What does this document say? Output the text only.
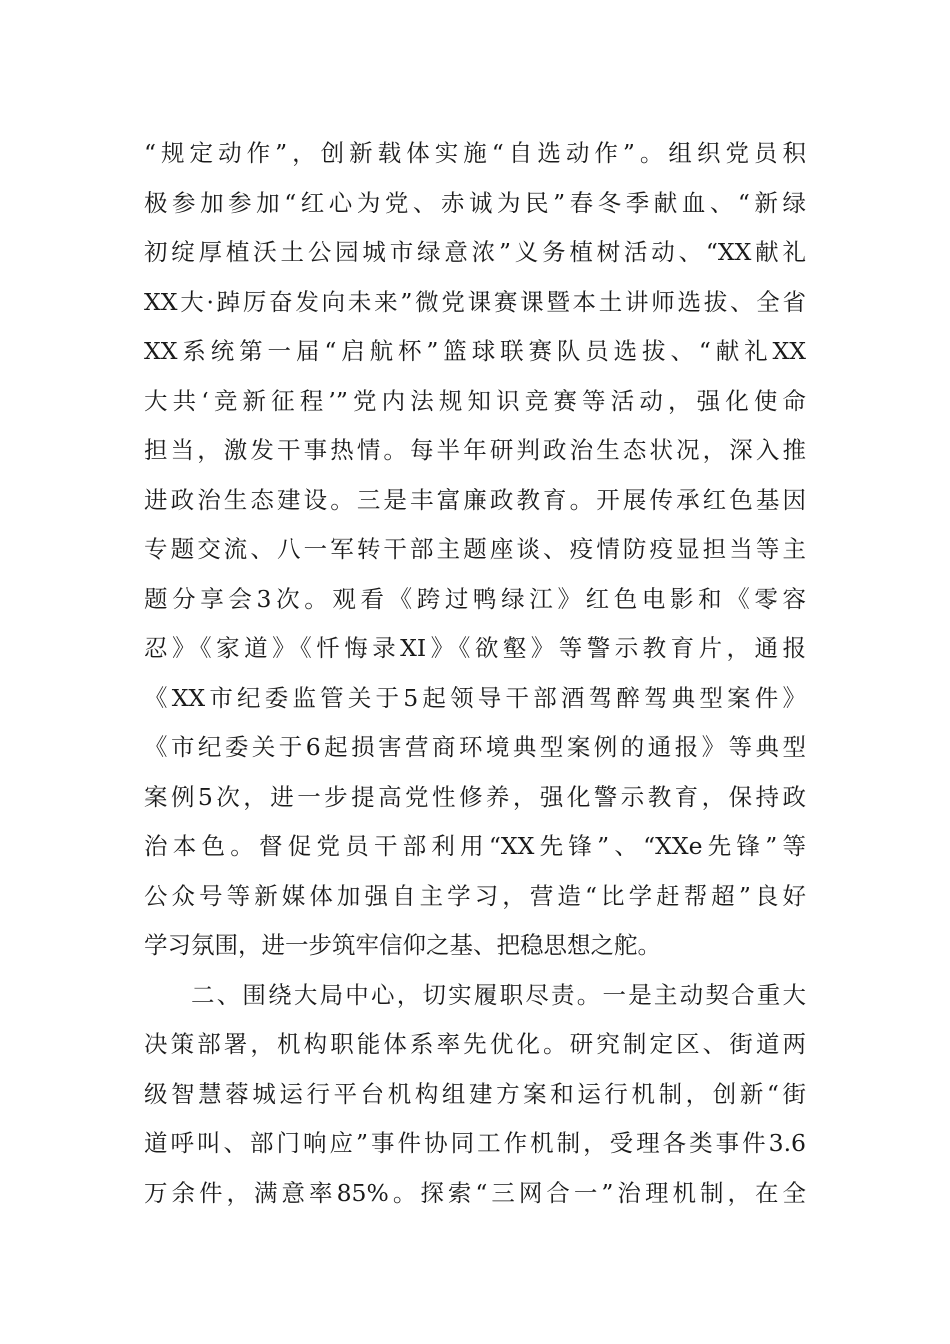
“规定动作”，创新载体实施“自选动作”。组织党员积
极参加参加“红心为党、赤诚为民”春冬季献血、“新绿
初绽厚植沃土公园城市绿意浓”义务植树活动、“XX献礼
XX大·踔厉奋发向未来”微党课赛课暨本土讲师选拔、全省
XX系统第一届“启航杯”篮球联赛队员选拔、“献礼XX
大共‘竞新征程’”党内法规知识竞赛等活动，强化使命
担当，激发干事热情。每半年研判政治生态状况，深入推
进政治生态建设。三是丰富廉政教育。开展传承红色基因
专题交流、八一军转干部主题座谈、疫情防疫显担当等主
题分享会3次。观看《跨过鸭绿江》红色电影和《零容
忍》《家道》《忏悔录XI》《欲壑》等警示教育片，通报
《XX市纪委监管关于5起领导干部酒驾醉驾典型案件》
《市纪委关于6起损害营商环境典型案例的通报》等典型
案例5次，进一步提高党性修养，强化警示教育，保持政
治本色。督促党员干部利用“XX先锋”、“XXe先锋”等
公众号等新媒体加强自主学习，营造“比学赶帮超”良好
学习氛围，进一步筑牢信仰之基、把稳思想之舵。
二、围绕大局中心，切实履职尽责。一是主动契合重大
决策部署，机构职能体系率先优化。研究制定区、街道两
级智慧蓉城运行平台机构组建方案和运行机制，创新“街
道呼叫、部门响应”事件协同工作机制，受理各类事件3.6
万余件，满意率85%。探索“三网合一”治理机制，在全
